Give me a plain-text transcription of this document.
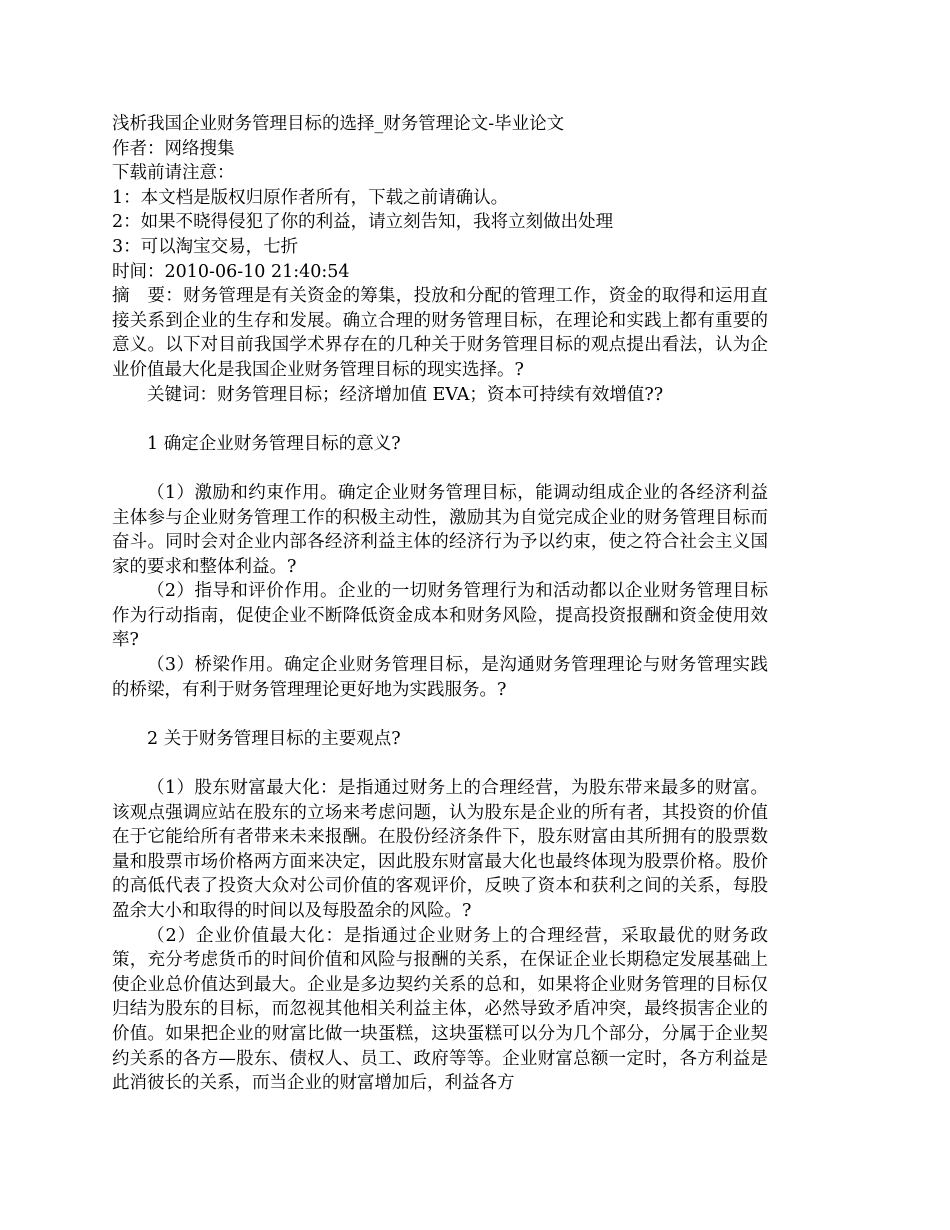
浅析我国企业财务管理目标的选择_财务管理论文-毕业论文

作者：网络搜集

下载前请注意：

1：本文档是版权归原作者所有，下载之前请确认。

2：如果不晓得侵犯了你的利益，请立刻告知，我将立刻做出处理

3：可以淘宝交易，七折

时间：2010-06-10 21:40:54

摘　要：财务管理是有关资金的筹集，投放和分配的管理工作，资金的取得和运用直接关系到企业的生存和发展。确立合理的财务管理目标，在理论和实践上都有重要的意义。以下对目前我国学术界存在的几种关于财务管理目标的观点提出看法，认为企业价值最大化是我国企业财务管理目标的现实选择。?

关键词：财务管理目标；经济增加值 EVA；资本可持续有效增值??

1 确定企业财务管理目标的意义?

（1）激励和约束作用。确定企业财务管理目标，能调动组成企业的各经济利益主体参与企业财务管理工作的积极主动性，激励其为自觉完成企业的财务管理目标而奋斗。同时会对企业内部各经济利益主体的经济行为予以约束，使之符合社会主义国家的要求和整体利益。?

（2）指导和评价作用。企业的一切财务管理行为和活动都以企业财务管理目标作为行动指南，促使企业不断降低资金成本和财务风险，提高投资报酬和资金使用效率?

（3）桥梁作用。确定企业财务管理目标，是沟通财务管理理论与财务管理实践的桥梁，有利于财务管理理论更好地为实践服务。?

2 关于财务管理目标的主要观点?

（1）股东财富最大化：是指通过财务上的合理经营，为股东带来最多的财富。该观点强调应站在股东的立场来考虑问题，认为股东是企业的所有者，其投资的价值在于它能给所有者带来未来报酬。在股份经济条件下，股东财富由其所拥有的股票数量和股票市场价格两方面来决定，因此股东财富最大化也最终体现为股票价格。股价的高低代表了投资大众对公司价值的客观评价，反映了资本和获利之间的关系，每股盈余大小和取得的时间以及每股盈余的风险。?

（2）企业价值最大化：是指通过企业财务上的合理经营，采取最优的财务政策，充分考虑货币的时间价值和风险与报酬的关系，在保证企业长期稳定发展基础上使企业总价值达到最大。企业是多边契约关系的总和，如果将企业财务管理的目标仅归结为股东的目标，而忽视其他相关利益主体，必然导致矛盾冲突，最终损害企业的价值。如果把企业的财富比做一块蛋糕，这块蛋糕可以分为几个部分，分属于企业契约关系的各方—股东、债权人、员工、政府等等。企业财富总额一定时，各方利益是此消彼长的关系，而当企业的财富增加后，利益各方
